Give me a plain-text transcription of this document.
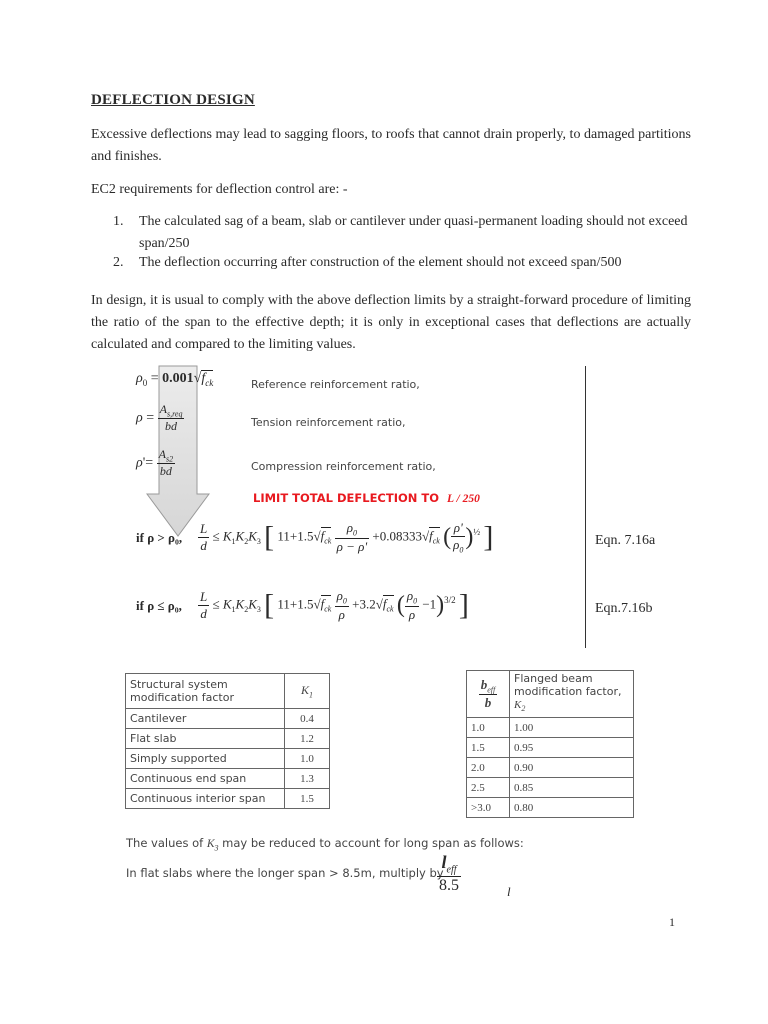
DEFLECTION DESIGN
Excessive deflections may lead to sagging floors, to roofs that cannot drain properly, to damaged partitions and finishes.
EC2 requirements for deflection control are: -
1. The calculated sag of a beam, slab or cantilever under quasi-permanent loading should not exceed span/250
2. The deflection occurring after construction of the element should not exceed span/500
In design, it is usual to comply with the above deflection limits by a straight-forward procedure of limiting the ratio of the span to the effective depth; it is only in exceptional cases that deflections are actually calculated and compared to the limiting values.
$\rho_0 = 0.001√f_{ck}$	Reference reinforcement ratio,
$\rho = \frac{A_{s,req}}{bd}$	Tension reinforcement ratio,
$\rho'= \frac{A_{s2}}{bd}$	Compression reinforcement ratio,
LIMIT TOTAL DEFLECTION TO L / 250
if ρ > ρ₀, $\frac{L}{d} \le K_1K_2K_3$ [ $11+1.5√f_{ck} \frac{\rho_0}{\rho - \rho'} +0.08333√f_{ck}$ ( $\frac{\rho'}{\rho_0} )^{\frac{1}{2}}$ ]	Eqn. 7.16a
if ρ ≤ ρ₀, $\frac{L}{d} \le K_1K_2K_3$ [ $11+1.5√f_{ck} \frac{\rho_0}{\rho} +3.2√f_{ck}$ ( $\frac{\rho_0}{\rho} -1)^{3/2}$ ]	Eqn.7.16b
Structural system modification factor	$K_1$
Cantilever	0.4
Flat slab	1.2
Simply supported	1.0
Continuous end span	1.3
Continuous interior span	1.5
$\frac{b_{eff}}{b}$	Flanged beam modification factor,
$K_2$
1.0	1.00
1.5	0.95
2.0	0.90
2.5	0.85
>3.0	0.80
The values of $K_3$ may be reduced to account for long span as follows:
In flat slabs where the longer span > 8.5m, multiply by
$\frac{l_{eff}}{8.5}$	l
1
